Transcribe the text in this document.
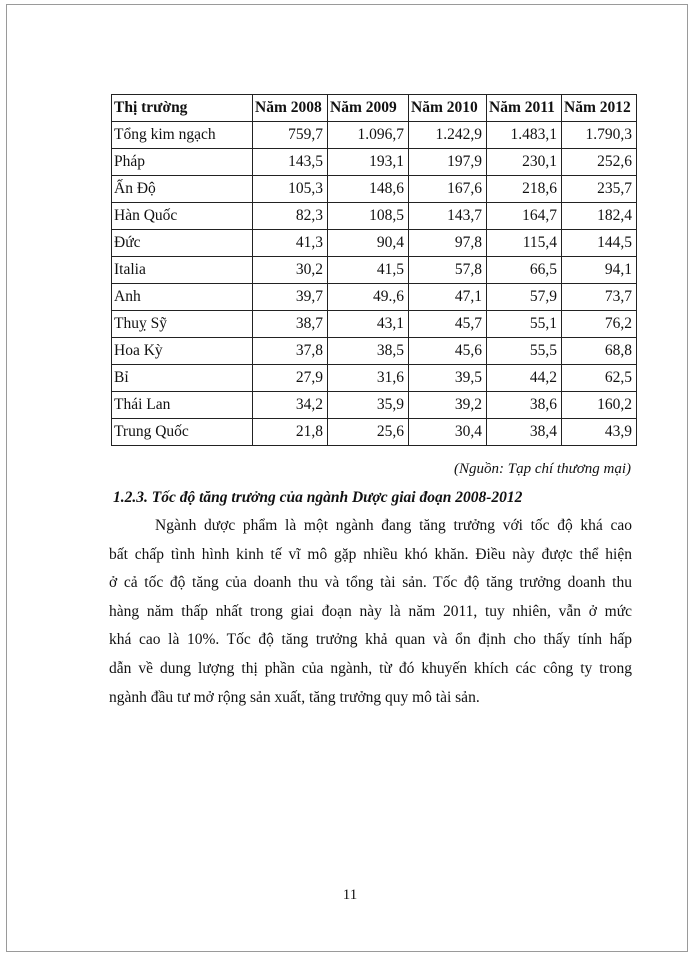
Thị trường	Năm 2008	Năm 2009	Năm 2010	Năm 2011	Năm 2012
Tổng kim ngạch	759,7	1.096,7	1.242,9	1.483,1	1.790,3
Pháp	143,5	193,1	197,9	230,1	252,6
Ấn Độ	105,3	148,6	167,6	218,6	235,7
Hàn Quốc	82,3	108,5	143,7	164,7	182,4
Đức	41,3	90,4	97,8	115,4	144,5
Italia	30,2	41,5	57,8	66,5	94,1
Anh	39,7	49.,6	47,1	57,9	73,7
Thuỵ Sỹ	38,7	43,1	45,7	55,1	76,2
Hoa Kỳ	37,8	38,5	45,6	55,5	68,8
Bỉ	27,9	31,6	39,5	44,2	62,5
Thái Lan	34,2	35,9	39,2	38,6	160,2
Trung Quốc	21,8	25,6	30,4	38,4	43,9
(Nguồn: Tạp chí thương mại)
1.2.3. Tốc độ tăng trưởng của ngành Dược giai đoạn 2008-2012
Ngành dược phẩm là một ngành đang tăng trưởng với tốc độ khá cao
bất chấp tình hình kinh tế vĩ mô gặp nhiều khó khăn. Điều này được thể hiện
ở cả tốc độ tăng của doanh thu và tổng tài sản. Tốc độ tăng trưởng doanh thu
hàng năm thấp nhất trong giai đoạn này là năm 2011, tuy nhiên, vẫn ở mức
khá cao là 10%. Tốc độ tăng trưởng khả quan và ổn định cho thấy tính hấp
dẫn về dung lượng thị phần của ngành, từ đó khuyến khích các công ty trong
ngành đầu tư mở rộng sản xuất, tăng trưởng quy mô tài sản.
11
